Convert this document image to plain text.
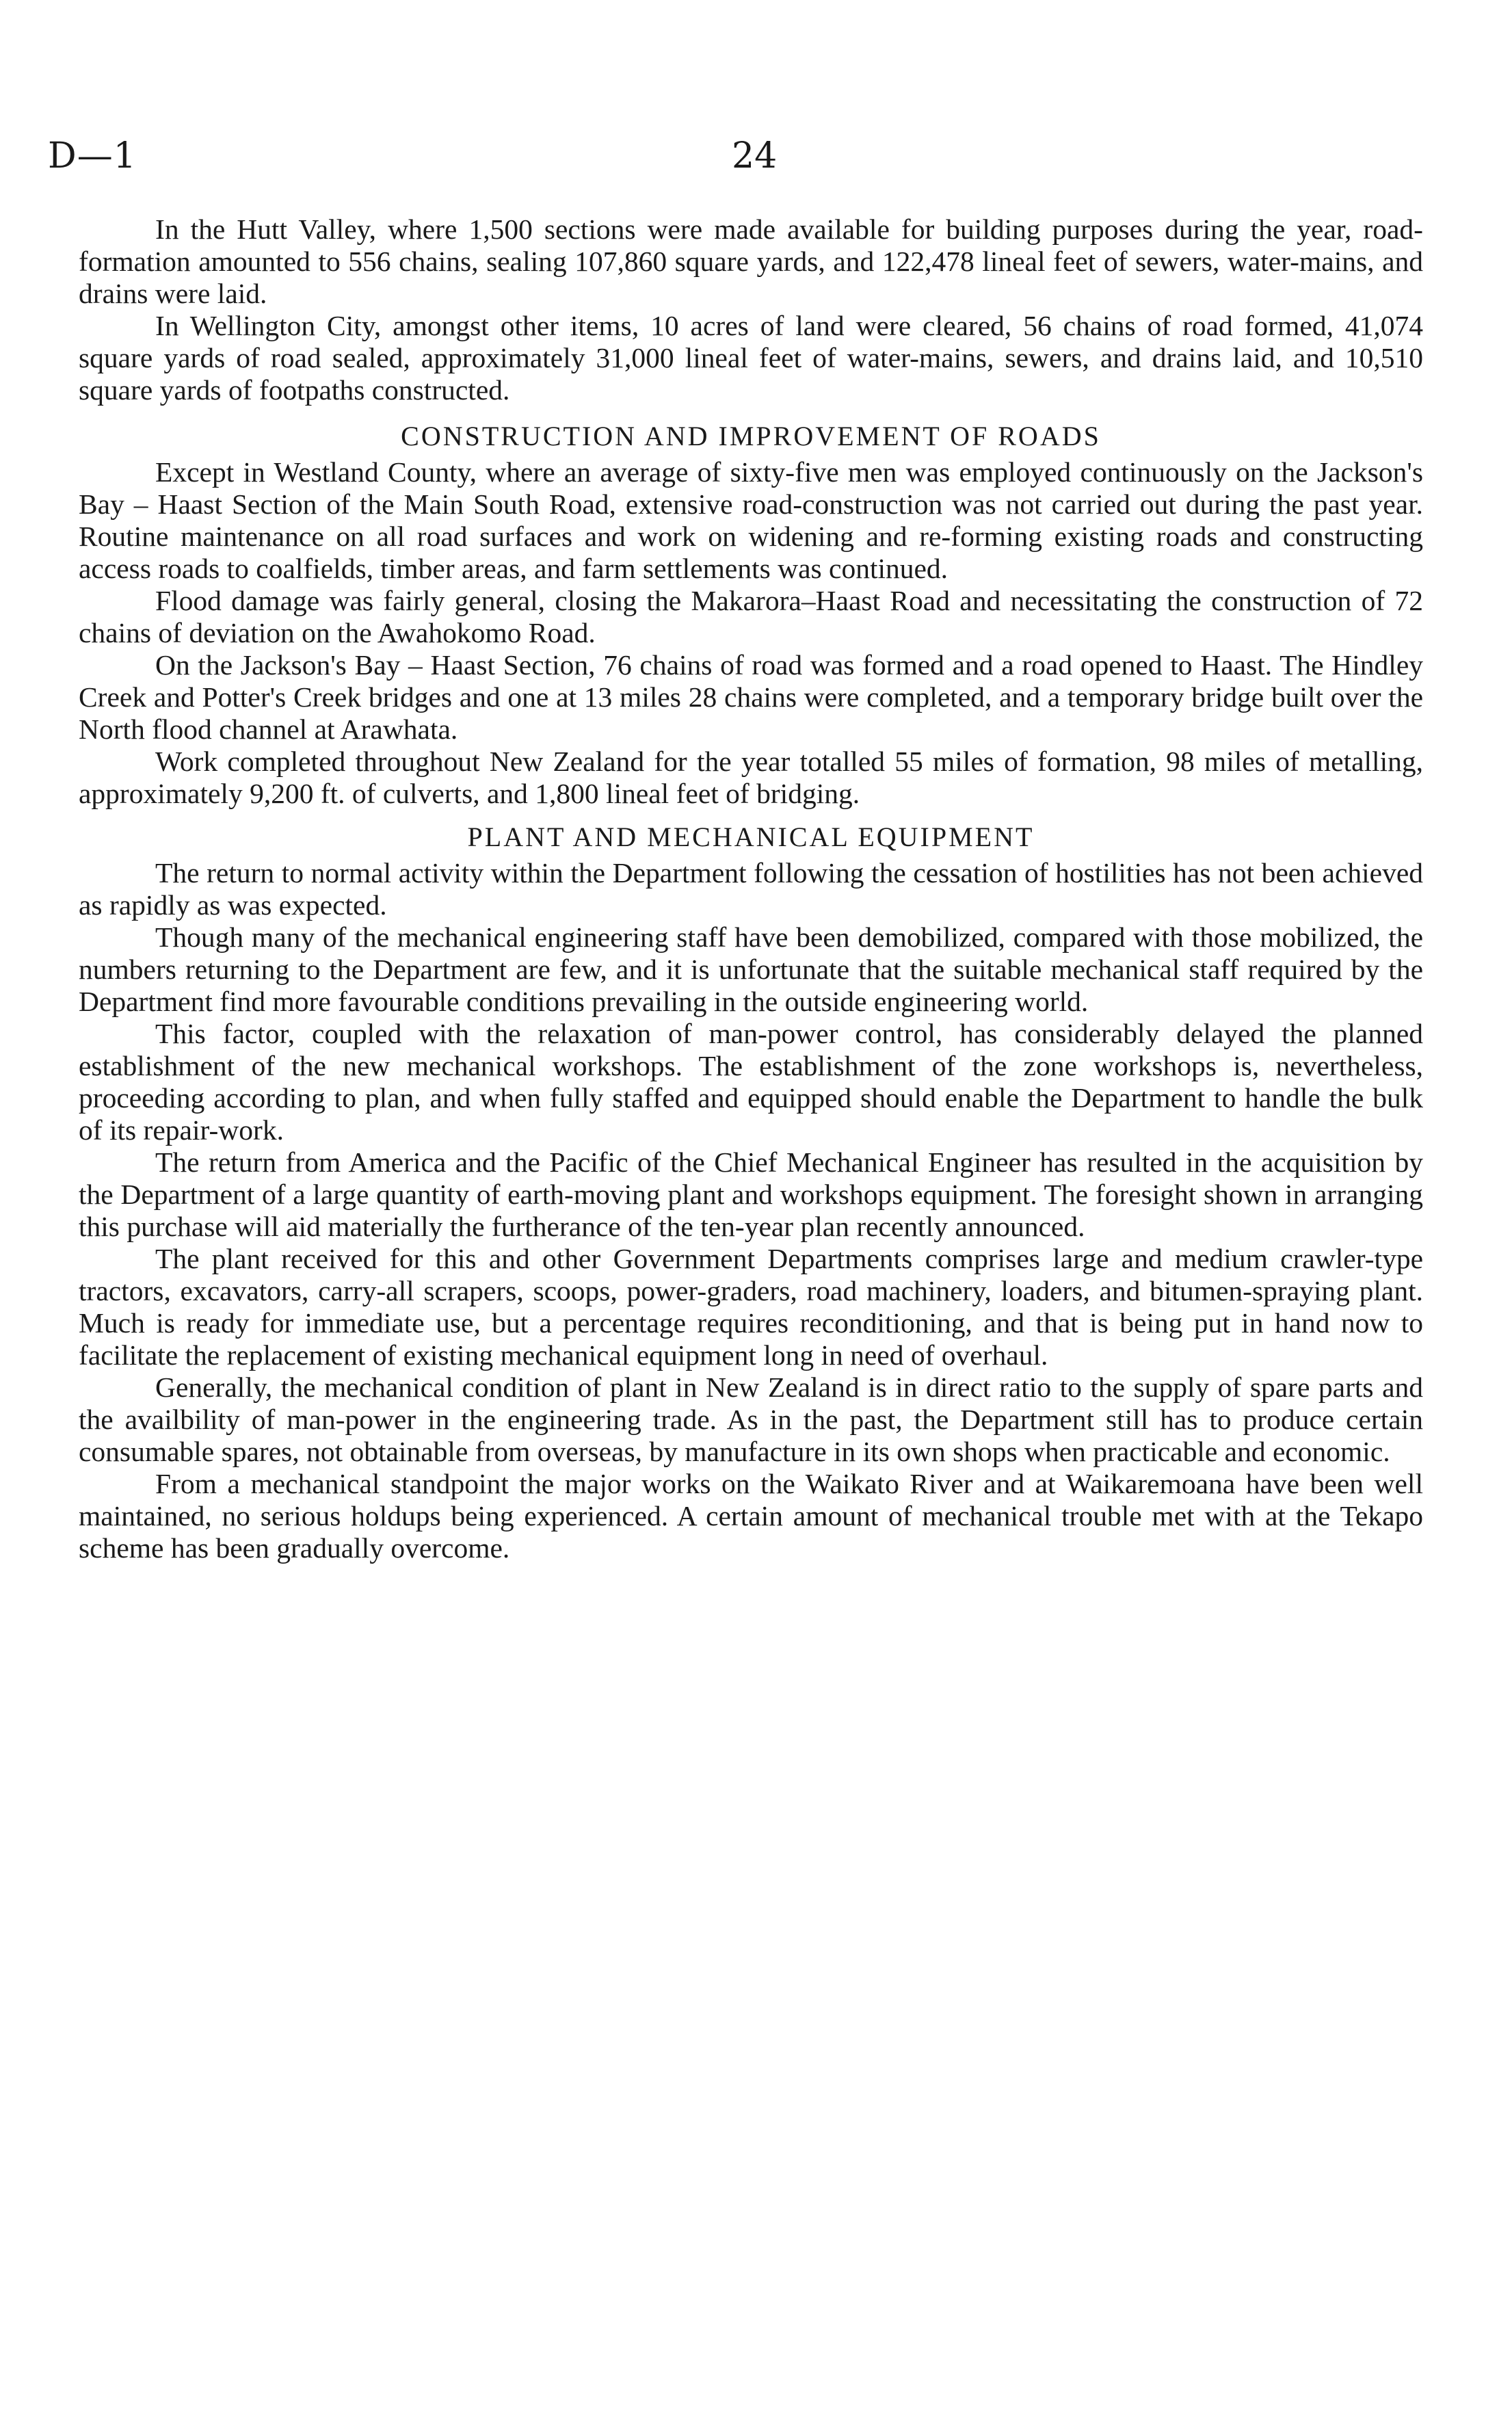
D—1	24

In the Hutt Valley, where 1,500 sections were made available for building purposes during the year, road-formation amounted to 556 chains, sealing 107,860 square yards, and 122,478 lineal feet of sewers, water-mains, and drains were laid.

In Wellington City, amongst other items, 10 acres of land were cleared, 56 chains of road formed, 41,074 square yards of road sealed, approximately 31,000 lineal feet of water-mains, sewers, and drains laid, and 10,510 square yards of footpaths constructed.

CONSTRUCTION AND IMPROVEMENT OF ROADS

Except in Westland County, where an average of sixty-five men was employed continuously on the Jackson's Bay – Haast Section of the Main South Road, extensive road-construction was not carried out during the past year. Routine maintenance on all road surfaces and work on widening and re-forming existing roads and constructing access roads to coalfields, timber areas, and farm settlements was continued.

Flood damage was fairly general, closing the Makarora–Haast Road and necessitating the construction of 72 chains of deviation on the Awahokomo Road.

On the Jackson's Bay – Haast Section, 76 chains of road was formed and a road opened to Haast. The Hindley Creek and Potter's Creek bridges and one at 13 miles 28 chains were completed, and a temporary bridge built over the North flood channel at Arawhata.

Work completed throughout New Zealand for the year totalled 55 miles of formation, 98 miles of metalling, approximately 9,200 ft. of culverts, and 1,800 lineal feet of bridging.

PLANT AND MECHANICAL EQUIPMENT

The return to normal activity within the Department following the cessation of hostilities has not been achieved as rapidly as was expected.

Though many of the mechanical engineering staff have been demobilized, compared with those mobilized, the numbers returning to the Department are few, and it is unfortunate that the suitable mechanical staff required by the Department find more favourable conditions prevailing in the outside engineering world.

This factor, coupled with the relaxation of man-power control, has considerably delayed the planned establishment of the new mechanical workshops. The establishment of the zone workshops is, nevertheless, proceeding according to plan, and when fully staffed and equipped should enable the Department to handle the bulk of its repair-work.

The return from America and the Pacific of the Chief Mechanical Engineer has resulted in the acquisition by the Department of a large quantity of earth-moving plant and workshops equipment. The foresight shown in arranging this purchase will aid materially the furtherance of the ten-year plan recently announced.

The plant received for this and other Government Departments comprises large and medium crawler-type tractors, excavators, carry-all scrapers, scoops, power-graders, road machinery, loaders, and bitumen-spraying plant. Much is ready for immediate use, but a percentage requires reconditioning, and that is being put in hand now to facilitate the replacement of existing mechanical equipment long in need of overhaul.

Generally, the mechanical condition of plant in New Zealand is in direct ratio to the supply of spare parts and the availbility of man-power in the engineering trade. As in the past, the Department still has to produce certain consumable spares, not obtainable from overseas, by manufacture in its own shops when practicable and economic.

From a mechanical standpoint the major works on the Waikato River and at Waikaremoana have been well maintained, no serious holdups being experienced. A certain amount of mechanical trouble met with at the Tekapo scheme has been gradually overcome.
